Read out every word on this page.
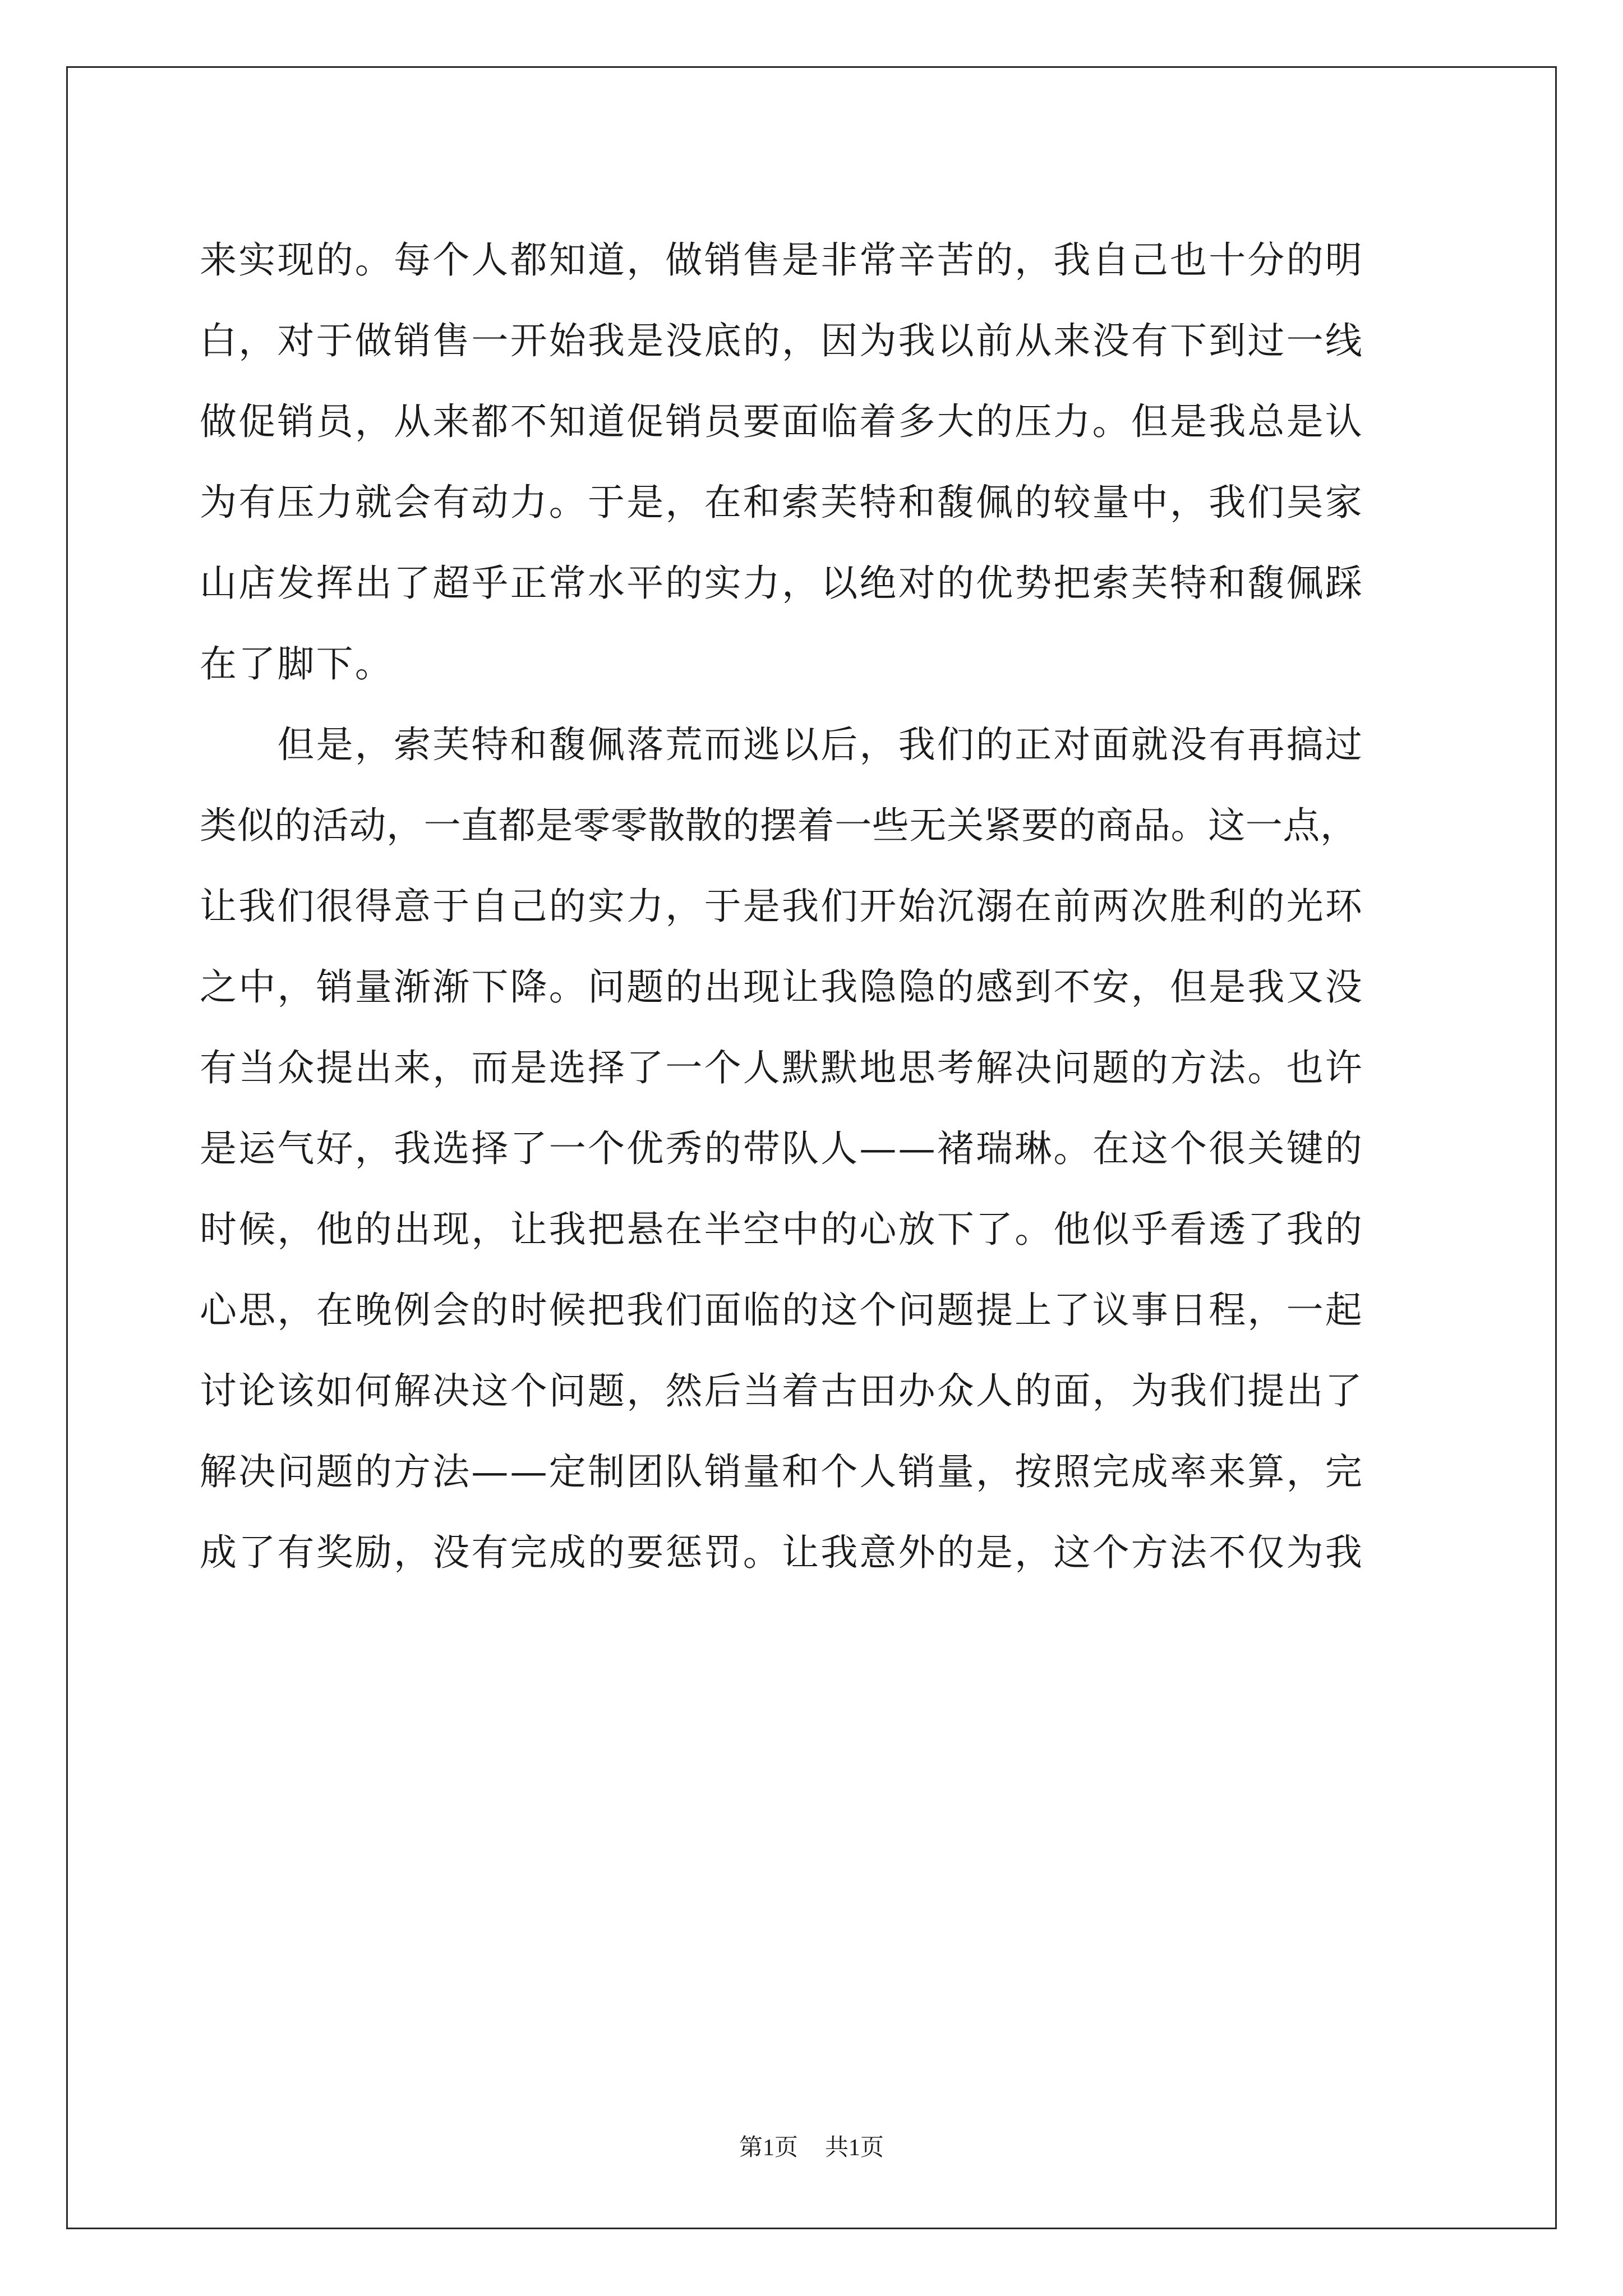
来实现的。每个人都知道，做销售是非常辛苦的，我自己也十分的明
白，对于做销售一开始我是没底的，因为我以前从来没有下到过一线
做促销员，从来都不知道促销员要面临着多大的压力。但是我总是认
为有压力就会有动力。于是，在和索芙特和馥佩的较量中，我们吴家
山店发挥出了超乎正常水平的实力，以绝对的优势把索芙特和馥佩踩
在了脚下。
　　但是，索芙特和馥佩落荒而逃以后，我们的正对面就没有再搞过
类似的活动，一直都是零零散散的摆着一些无关紧要的商品。这一点，
让我们很得意于自己的实力，于是我们开始沉溺在前两次胜利的光环
之中，销量渐渐下降。问题的出现让我隐隐的感到不安，但是我又没
有当众提出来，而是选择了一个人默默地思考解决问题的方法。也许
是运气好，我选择了一个优秀的带队人——褚瑞琳。在这个很关键的
时候，他的出现，让我把悬在半空中的心放下了。他似乎看透了我的
心思，在晚例会的时候把我们面临的这个问题提上了议事日程，一起
讨论该如何解决这个问题，然后当着古田办众人的面，为我们提出了
解决问题的方法——定制团队销量和个人销量，按照完成率来算，完
成了有奖励，没有完成的要惩罚。让我意外的是，这个方法不仅为我
第1页 共1页
